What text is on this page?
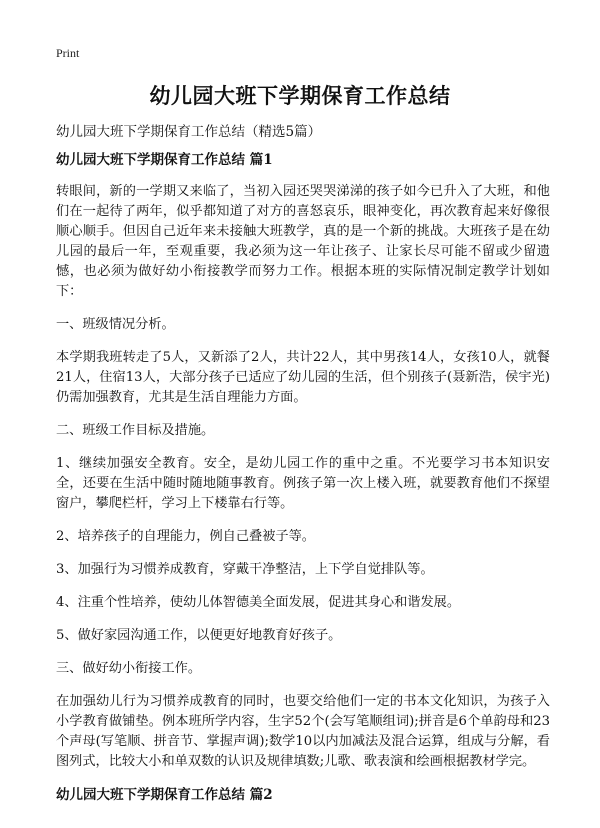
Print
幼儿园大班下学期保育工作总结
幼儿园大班下学期保育工作总结（精选5篇）
幼儿园大班下学期保育工作总结 篇1

转眼间，新的一学期又来临了，当初入园还哭哭涕涕的孩子如今已升入了大班，和他们在一起待了两年，似乎都知道了对方的喜怒哀乐，眼神变化，再次教育起来好像很顺心顺手。但因自己近年来未接触大班教学，真的是一个新的挑战。大班孩子是在幼儿园的最后一年，至观重要，我必须为这一年让孩子、让家长尽可能不留或少留遗憾，也必须为做好幼小衔接教学而努力工作。根据本班的实际情况制定教学计划如下：

一、班级情况分析。

本学期我班转走了5人，又新添了2人，共计22人，其中男孩14人，女孩10人，就餐21人，住宿13人，大部分孩子已适应了幼儿园的生活，但个别孩子(聂新浩，侯宇光)仍需加强教育，尤其是生活自理能力方面。

二、班级工作目标及措施。

1、继续加强安全教育。安全，是幼儿园工作的重中之重。不光要学习书本知识安全，还要在生活中随时随地随事教育。例孩子第一次上楼入班，就要教育他们不探望窗户，攀爬栏杆，学习上下楼靠右行等。

2、培养孩子的自理能力，例自己叠被子等。

3、加强行为习惯养成教育，穿戴干净整洁，上下学自觉排队等。

4、注重个性培养，使幼儿体智德美全面发展，促进其身心和谐发展。

5、做好家园沟通工作，以便更好地教育好孩子。

三、做好幼小衔接工作。

在加强幼儿行为习惯养成教育的同时，也要交给他们一定的书本文化知识，为孩子入小学教育做铺垫。例本班所学内容，生字52个(会写笔顺组词);拼音是6个单韵母和23个声母(写笔顺、拼音节、掌握声调);数学10以内加减法及混合运算，组成与分解，看图列式，比较大小和单双数的认识及规律填数;儿歌、歌表演和绘画根据教材学完。

幼儿园大班下学期保育工作总结 篇2
